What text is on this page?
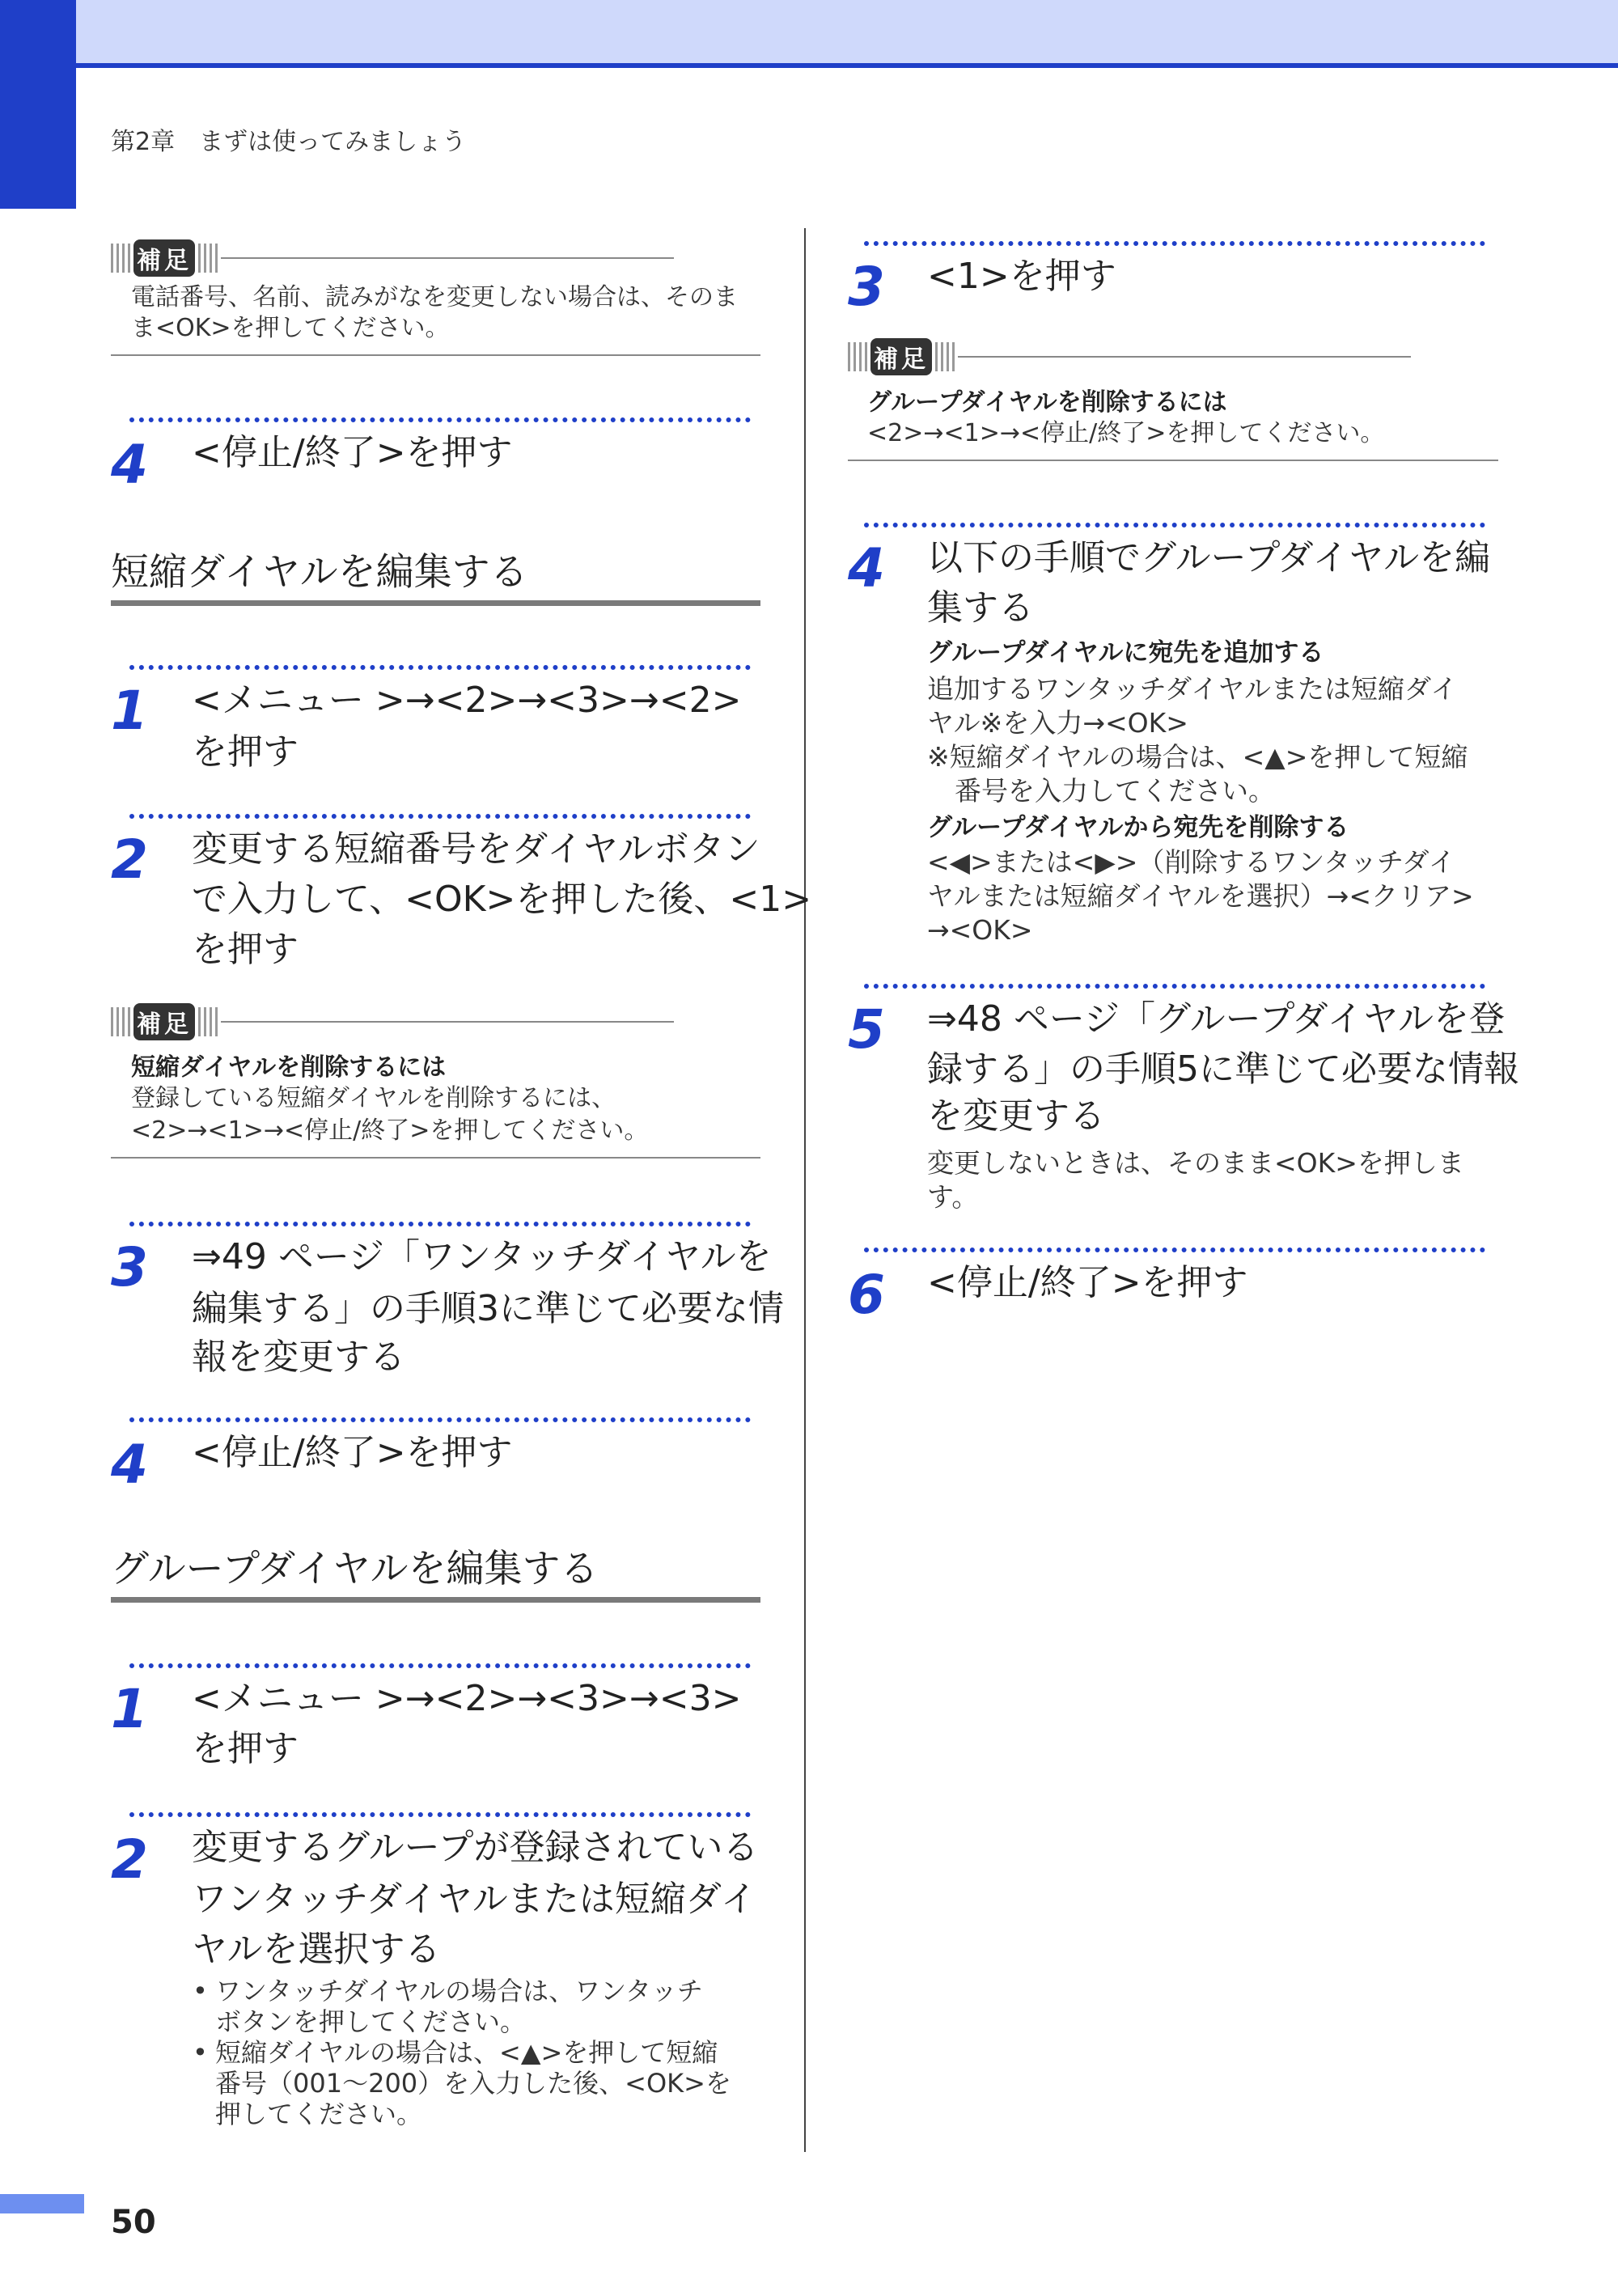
第2章　まずは使ってみましょう
補足
電話番号、名前、読みがなを変更しない場合は、そのま
ま<OK>を押してください。
4 <停止/終了>を押す
短縮ダイヤルを編集する
1 <メニュー >→<2>→<3>→<2>
を押す
2 変更する短縮番号をダイヤルボタン
で入力して、<OK>を押した後、<1>
を押す
補足
短縮ダイヤルを削除するには
登録している短縮ダイヤルを削除するには、
<2>→<1>→<停止/終了>を押してください。
3 ⇒49 ページ「ワンタッチダイヤルを
編集する」の手順3に準じて必要な情
報を変更する
4 <停止/終了>を押す
グループダイヤルを編集する
1 <メニュー >→<2>→<3>→<3>
を押す
2 変更するグループが登録されている
ワンタッチダイヤルまたは短縮ダイ
ヤルを選択する
• ワンタッチダイヤルの場合は、ワンタッチ
ボタンを押してください。
• 短縮ダイヤルの場合は、<▲>を押して短縮
番号（001～200）を入力した後、<OK>を
押してください。
3 <1>を押す
補足
グループダイヤルを削除するには
<2>→<1>→<停止/終了>を押してください。
4 以下の手順でグループダイヤルを編
集する
グループダイヤルに宛先を追加する
追加するワンタッチダイヤルまたは短縮ダイ
ヤル※を入力→<OK>
※短縮ダイヤルの場合は、<▲>を押して短縮
番号を入力してください。
グループダイヤルから宛先を削除する
<◀>または<▶>（削除するワンタッチダイ
ヤルまたは短縮ダイヤルを選択）→<クリア>
→<OK>
5 ⇒48 ページ「グループダイヤルを登
録する」の手順5に準じて必要な情報
を変更する
変更しないときは、そのまま<OK>を押しま
す。
6 <停止/終了>を押す
50
